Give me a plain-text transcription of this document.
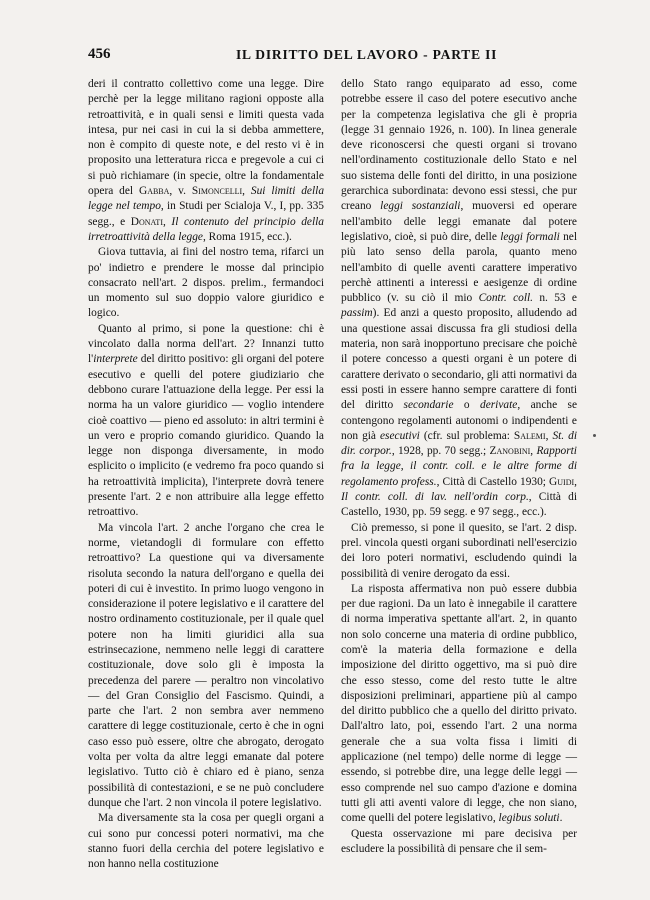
456	IL DIRITTO DEL LAVORO - PARTE II

deri il contratto collettivo come una legge. Dire perchè per la legge militano ragioni opposte alla retroattività, e in quali sensi e limiti questa vada intesa, pur nei casi in cui la si debba ammettere, non è compito di queste note, e del resto vi è in proposito una letteratura ricca e pregevole a cui ci si può richiamare (in specie, oltre la fondamentale opera del Gabba, v. Simoncelli, Sui limiti della legge nel tempo, in Studi per Scialoja V., I, pp. 335 segg., e Donati, Il contenuto del principio della irretroattività della legge, Roma 1915, ecc.).

Giova tuttavia, ai fini del nostro tema, rifarci un po' indietro e prendere le mosse dal principio consacrato nell'art. 2 dispos. prelim., fermandoci un momento sul suo doppio valore giuridico e logico.

Quanto al primo, si pone la questione: chi è vincolato dalla norma dell'art. 2? Innanzi tutto l'interprete del diritto positivo: gli organi del potere esecutivo e quelli del potere giudiziario che debbono curare l'attuazione della legge. Per essi la norma ha un valore giuridico — voglio intendere cioè coattivo — pieno ed assoluto: in altri termini è un vero e proprio comando giuridico. Quando la legge non disponga diversamente, in modo esplicito o implicito (e vedremo fra poco quando si ha retroattività implicita), l'interprete dovrà tenere presente l'art. 2 e non attribuire alla legge effetto retroattivo.

Ma vincola l'art. 2 anche l'organo che crea le norme, vietandogli di formulare con effetto retroattivo? La questione qui va diversamente risoluta secondo la natura dell'organo e quella dei poteri di cui è investito. In primo luogo vengono in considerazione il potere legislativo e il carattere del nostro ordinamento costituzionale, per il quale quel potere non ha limiti giuridici alla sua estrinsecazione, nemmeno nelle leggi di carattere costituzionale, dove solo gli è imposta la precedenza del parere — peraltro non vincolativo — del Gran Consiglio del Fascismo. Quindi, a parte che l'art. 2 non sembra aver nemmeno carattere di legge costituzionale, certo è che in ogni caso esso può essere, oltre che abrogato, derogato volta per volta da altre leggi emanate dal potere legislativo. Tutto ciò è chiaro ed è piano, senza possibilità di contestazioni, e se ne può concludere dunque che l'art. 2 non vincola il potere legislativo.

Ma diversamente sta la cosa per quegli organi a cui sono pur concessi poteri normativi, ma che stanno fuori della cerchia del potere legislativo e non hanno nella costituzione

dello Stato rango equiparato ad esso, come potrebbe essere il caso del potere esecutivo anche per la competenza legislativa che gli è propria (legge 31 gennaio 1926, n. 100). In linea generale deve riconoscersi che questi organi si trovano nell'ordinamento costituzionale dello Stato e nel suo sistema delle fonti del diritto, in una posizione gerarchica subordinata: devono essi stessi, che pur creano leggi sostanziali, muoversi ed operare nell'ambito delle leggi emanate dal potere legislativo, cioè, si può dire, delle leggi formali nel più lato senso della parola, quanto meno nell'ambito di quelle aventi carattere imperativo perchè attinenti a interessi e aesigenze di ordine pubblico (v. su ciò il mio Contr. coll. n. 53 e passim). Ed anzi a questo proposito, alludendo ad una questione assai discussa fra gli studiosi della materia, non sarà inopportuno precisare che poichè il potere concesso a questi organi è un potere di carattere derivato o secondario, gli atti normativi da essi posti in essere hanno sempre carattere di fonti del diritto secondarie o derivate, anche se contengono regolamenti autonomi o indipendenti e non già esecutivi (cfr. sul problema: Salemi, St. di dir. corpor., 1928, pp. 70 segg.; Zanobini, Rapporti fra la legge, il contr. coll. e le altre forme di regolamento profess., Città di Castello 1930; Guidi, Il contr. coll. di lav. nell'ordin corp., Città di Castello, 1930, pp. 59 segg. e 97 segg., ecc.).

Ciò premesso, si pone il quesito, se l'art. 2 disp. prel. vincola questi organi subordinati nell'esercizio dei loro poteri normativi, escludendo quindi la possibilità di venire derogato da essi.

La risposta affermativa non può essere dubbia per due ragioni. Da un lato è innegabile il carattere di norma imperativa spettante all'art. 2, in quanto non solo concerne una materia di ordine pubblico, com'è la materia della formazione e della imposizione del diritto oggettivo, ma si può dire che esso stesso, come del resto tutte le altre disposizioni preliminari, appartiene più al campo del diritto pubblico che a quello del diritto privato. Dall'altro lato, poi, essendo l'art. 2 una norma generale che a sua volta fissa i limiti di applicazione (nel tempo) delle norme di legge — essendo, si potrebbe dire, una legge delle leggi — esso comprende nel suo campo d'azione e domina tutti gli atti aventi valore di legge, che non siano, come quelli del potere legislativo, legibus soluti.

Questa osservazione mi pare decisiva per escludere la possibilità di pensare che il sem-
